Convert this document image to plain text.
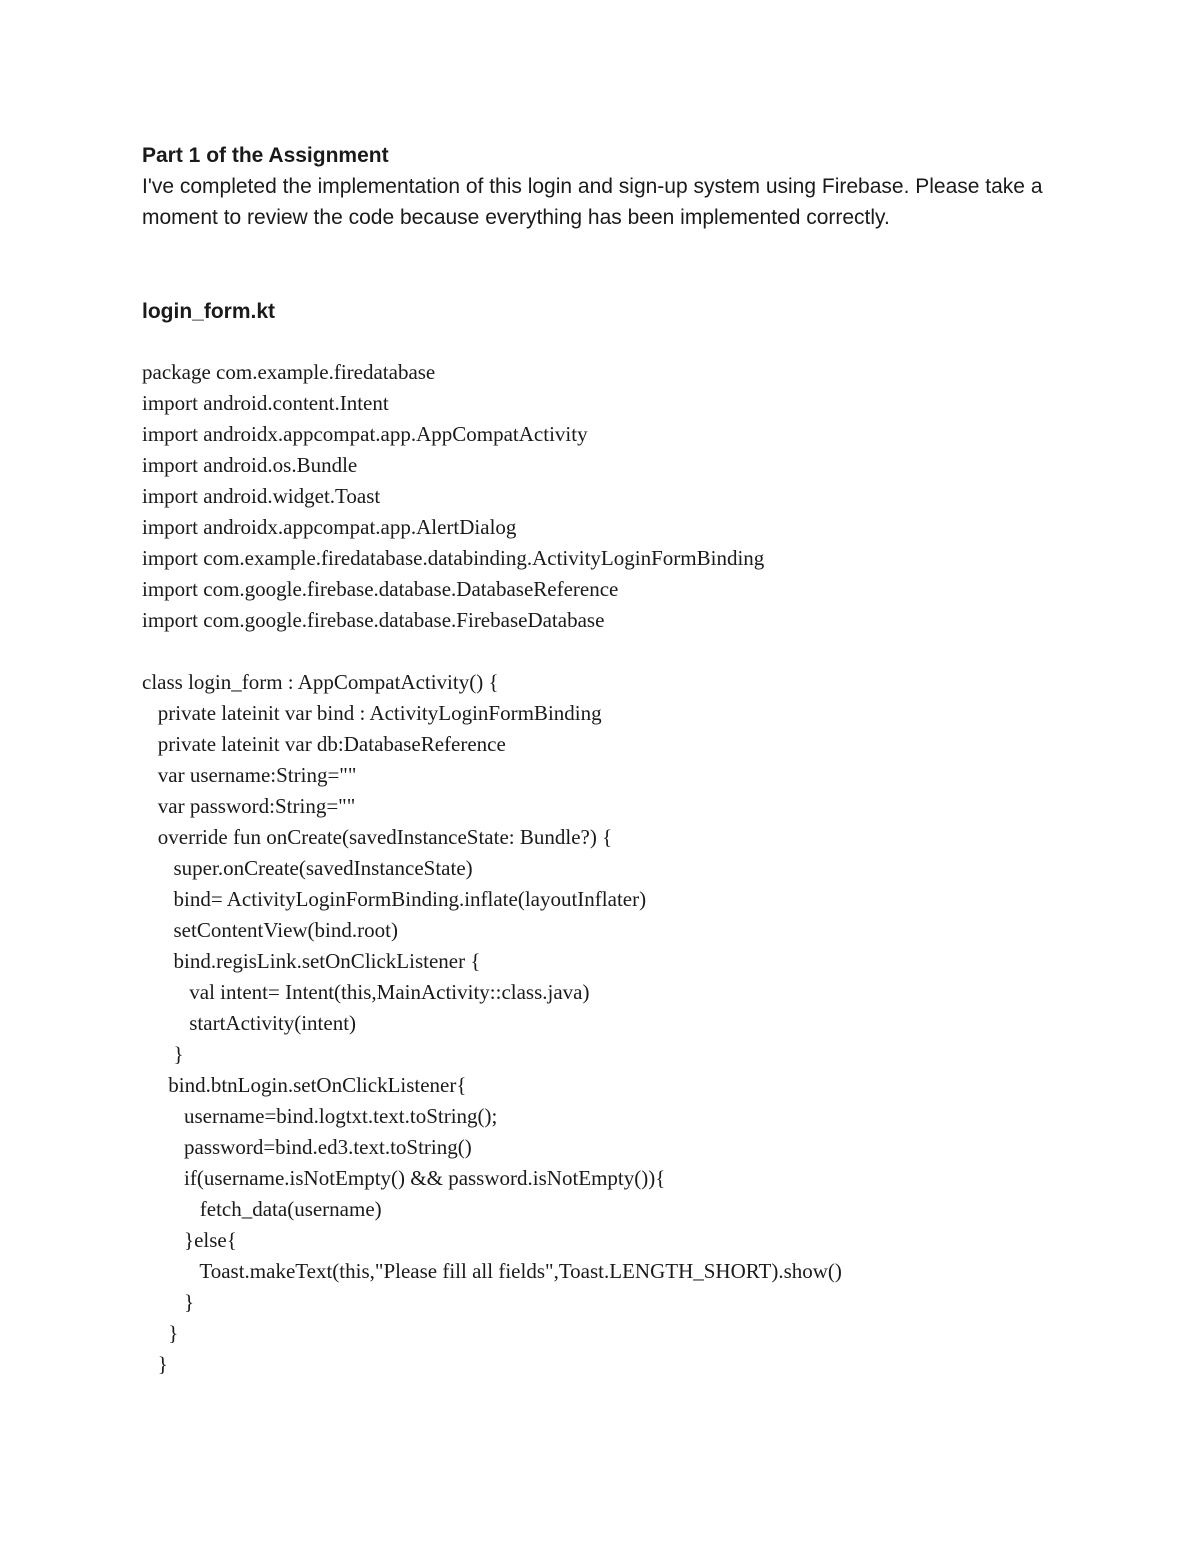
Part 1 of the Assignment

I've completed the implementation of this login and sign-up system using Firebase. Please take a moment to review the code because everything has been implemented correctly.

login_form.kt
package com.example.firedatabase
import android.content.Intent
import androidx.appcompat.app.AppCompatActivity
import android.os.Bundle
import android.widget.Toast
import androidx.appcompat.app.AlertDialog
import com.example.firedatabase.databinding.ActivityLoginFormBinding
import com.google.firebase.database.DatabaseReference
import com.google.firebase.database.FirebaseDatabase
class login_form : AppCompatActivity() {
private lateinit var bind : ActivityLoginFormBinding
private lateinit var db:DatabaseReference
var username:String=""
var password:String=""
override fun onCreate(savedInstanceState: Bundle?) {
super.onCreate(savedInstanceState)
bind= ActivityLoginFormBinding.inflate(layoutInflater)
setContentView(bind.root)
bind.regisLink.setOnClickListener {
val intent= Intent(this,MainActivity::class.java)
startActivity(intent)
}
bind.btnLogin.setOnClickListener{
username=bind.logtxt.text.toString();
password=bind.ed3.text.toString()
if(username.isNotEmpty() && password.isNotEmpty()){
fetch_data(username)
}else{
Toast.makeText(this,"Please fill all fields",Toast.LENGTH_SHORT).show()
}
}
}
